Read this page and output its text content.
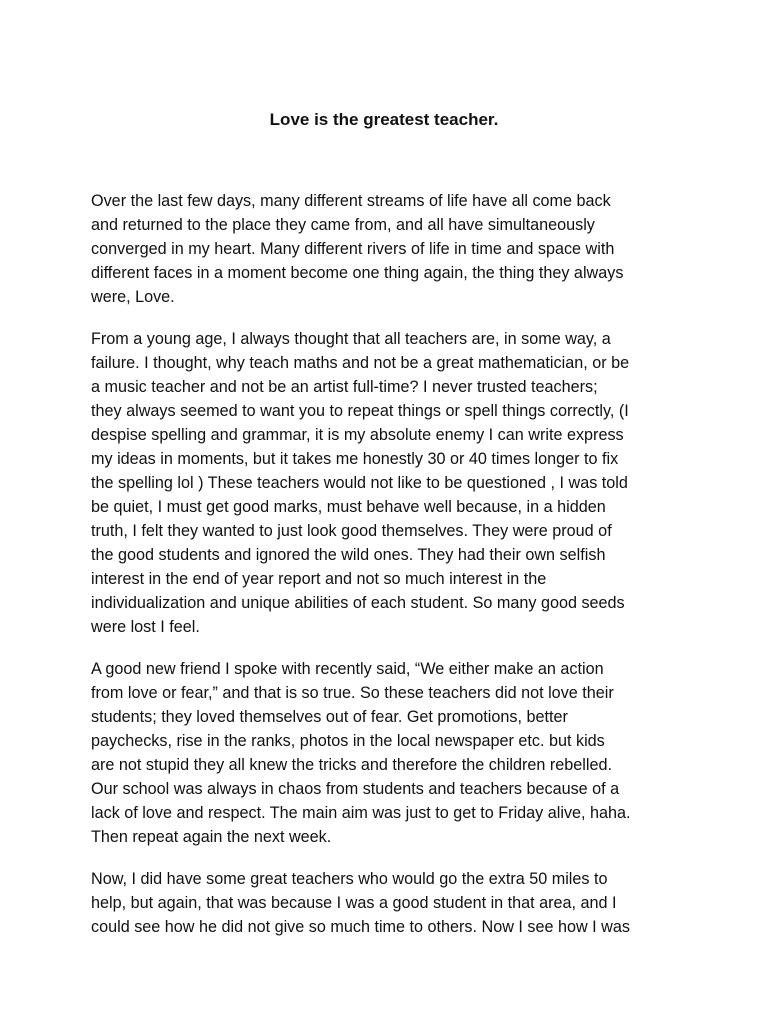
Love is the greatest teacher.

Over the last few days, many different streams of life have all come back
and returned to the place they came from, and all have simultaneously
converged in my heart. Many different rivers of life in time and space with
different faces in a moment become one thing again, the thing they always
were, Love.

From a young age, I always thought that all teachers are, in some way, a
failure. I thought, why teach maths and not be a great mathematician, or be
a music teacher and not be an artist full-time? I never trusted teachers;
they always seemed to want you to repeat things or spell things correctly, (I
despise spelling and grammar, it is my absolute enemy I can write express
my ideas in moments, but it takes me honestly 30 or 40 times longer to fix
the spelling lol ) These teachers would not like to be questioned , I was told
be quiet, I must get good marks, must behave well because, in a hidden
truth, I felt they wanted to just look good themselves. They were proud of
the good students and ignored the wild ones. They had their own selfish
interest in the end of year report and not so much interest in the
individualization and unique abilities of each student. So many good seeds
were lost I feel.

A good new friend I spoke with recently said, “We either make an action
from love or fear,” and that is so true. So these teachers did not love their
students; they loved themselves out of fear. Get promotions, better
paychecks, rise in the ranks, photos in the local newspaper etc. but kids
are not stupid they all knew the tricks and therefore the children rebelled.
Our school was always in chaos from students and teachers because of a
lack of love and respect. The main aim was just to get to Friday alive, haha.
Then repeat again the next week.

Now, I did have some great teachers who would go the extra 50 miles to
help, but again, that was because I was a good student in that area, and I
could see how he did not give so much time to others. Now I see how I was
